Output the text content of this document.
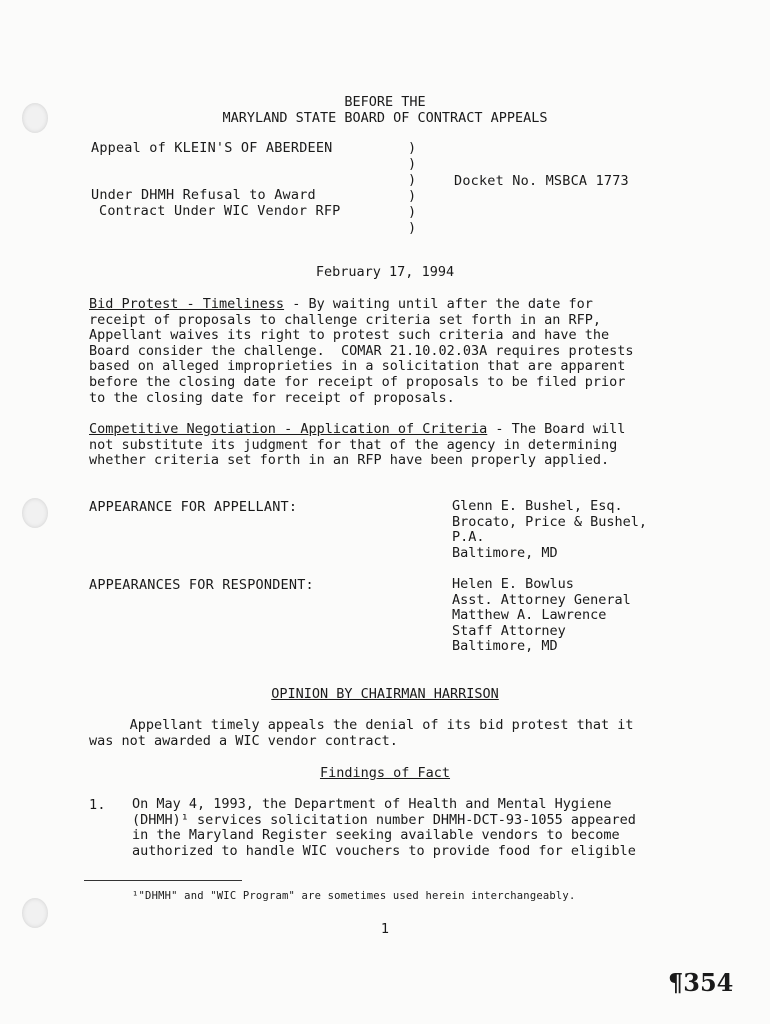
BEFORE THE
MARYLAND STATE BOARD OF CONTRACT APPEALS
Appeal of KLEIN'S OF ABERDEEN
Under DHMH Refusal to Award
Contract Under WIC Vendor RFP
)
)
)
)
)
)
Docket No. MSBCA 1773
February 17, 1994
Bid Protest - Timeliness - By waiting until after the date for
receipt of proposals to challenge criteria set forth in an RFP,
Appellant waives its right to protest such criteria and have the
Board consider the challenge.  COMAR 21.10.02.03A requires protests
based on alleged improprieties in a solicitation that are apparent
before the closing date for receipt of proposals to be filed prior
to the closing date for receipt of proposals.
Competitive Negotiation - Application of Criteria - The Board will
not substitute its judgment for that of the agency in determining
whether criteria set forth in an RFP have been properly applied.
APPEARANCE FOR APPELLANT:	Glenn E. Bushel, Esq.
Brocato, Price & Bushel,
P.A.
Baltimore, MD
APPEARANCES FOR RESPONDENT:	Helen E. Bowlus
Asst. Attorney General
Matthew A. Lawrence
Staff Attorney
Baltimore, MD
OPINION BY CHAIRMAN HARRISON
Appellant timely appeals the denial of its bid protest that it
was not awarded a WIC vendor contract.
Findings of Fact
1. On May 4, 1993, the Department of Health and Mental Hygiene
(DHMH)¹ services solicitation number DHMH-DCT-93-1055 appeared
in the Maryland Register seeking available vendors to become
authorized to handle WIC vouchers to provide food for eligible
¹"DHMH" and "WIC Program" are sometimes used herein interchangeably.
1
¶354
